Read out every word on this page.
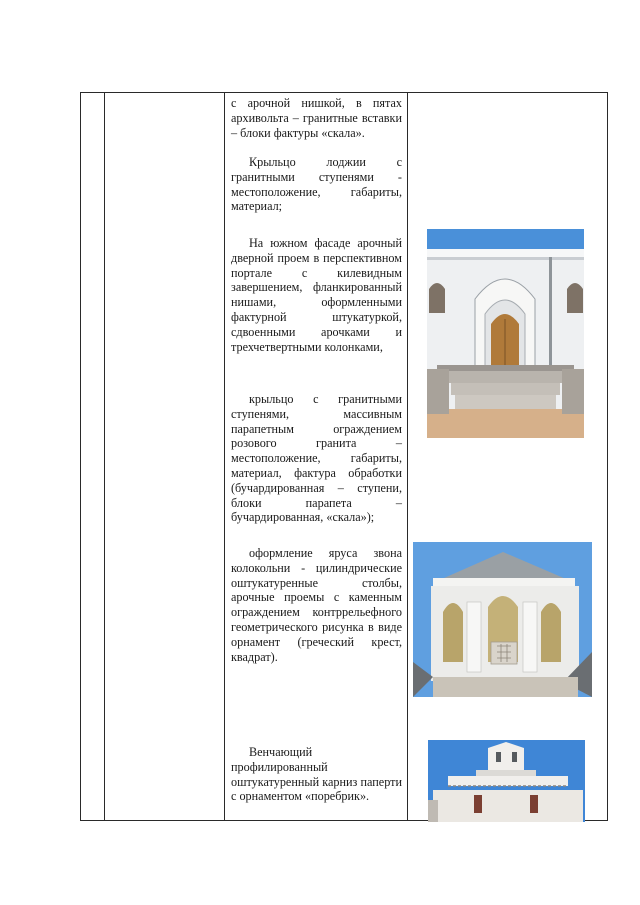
с арочной нишкой, в пятах архивольта – гранитные вставки – блоки фактуры «скала».
Крыльцо лоджии с гранитными ступенями - местоположение, габариты, материал;
На южном фасаде арочный дверной проем в перспективном портале с килевидным завершением, фланкированный нишами, оформленными фактурной штукатуркой, сдвоенными арочками и трехчетвертными колонками,
крыльцо с гранитными ступенями, массивным парапетным ограждением розового гранита – местоположение, габариты, материал, фактура обработки (бучардированная – ступени, блоки парапета – бучардированная, «скала»);
оформление яруса звона колокольни - цилиндрические оштукатуренные столбы, арочные проемы с каменным ограждением контррельефного геометрического рисунка в виде орнамент (греческий крест, квадрат).
Венчающий профилированный оштукатуренный карниз паперти с орнаментом «поребрик».
